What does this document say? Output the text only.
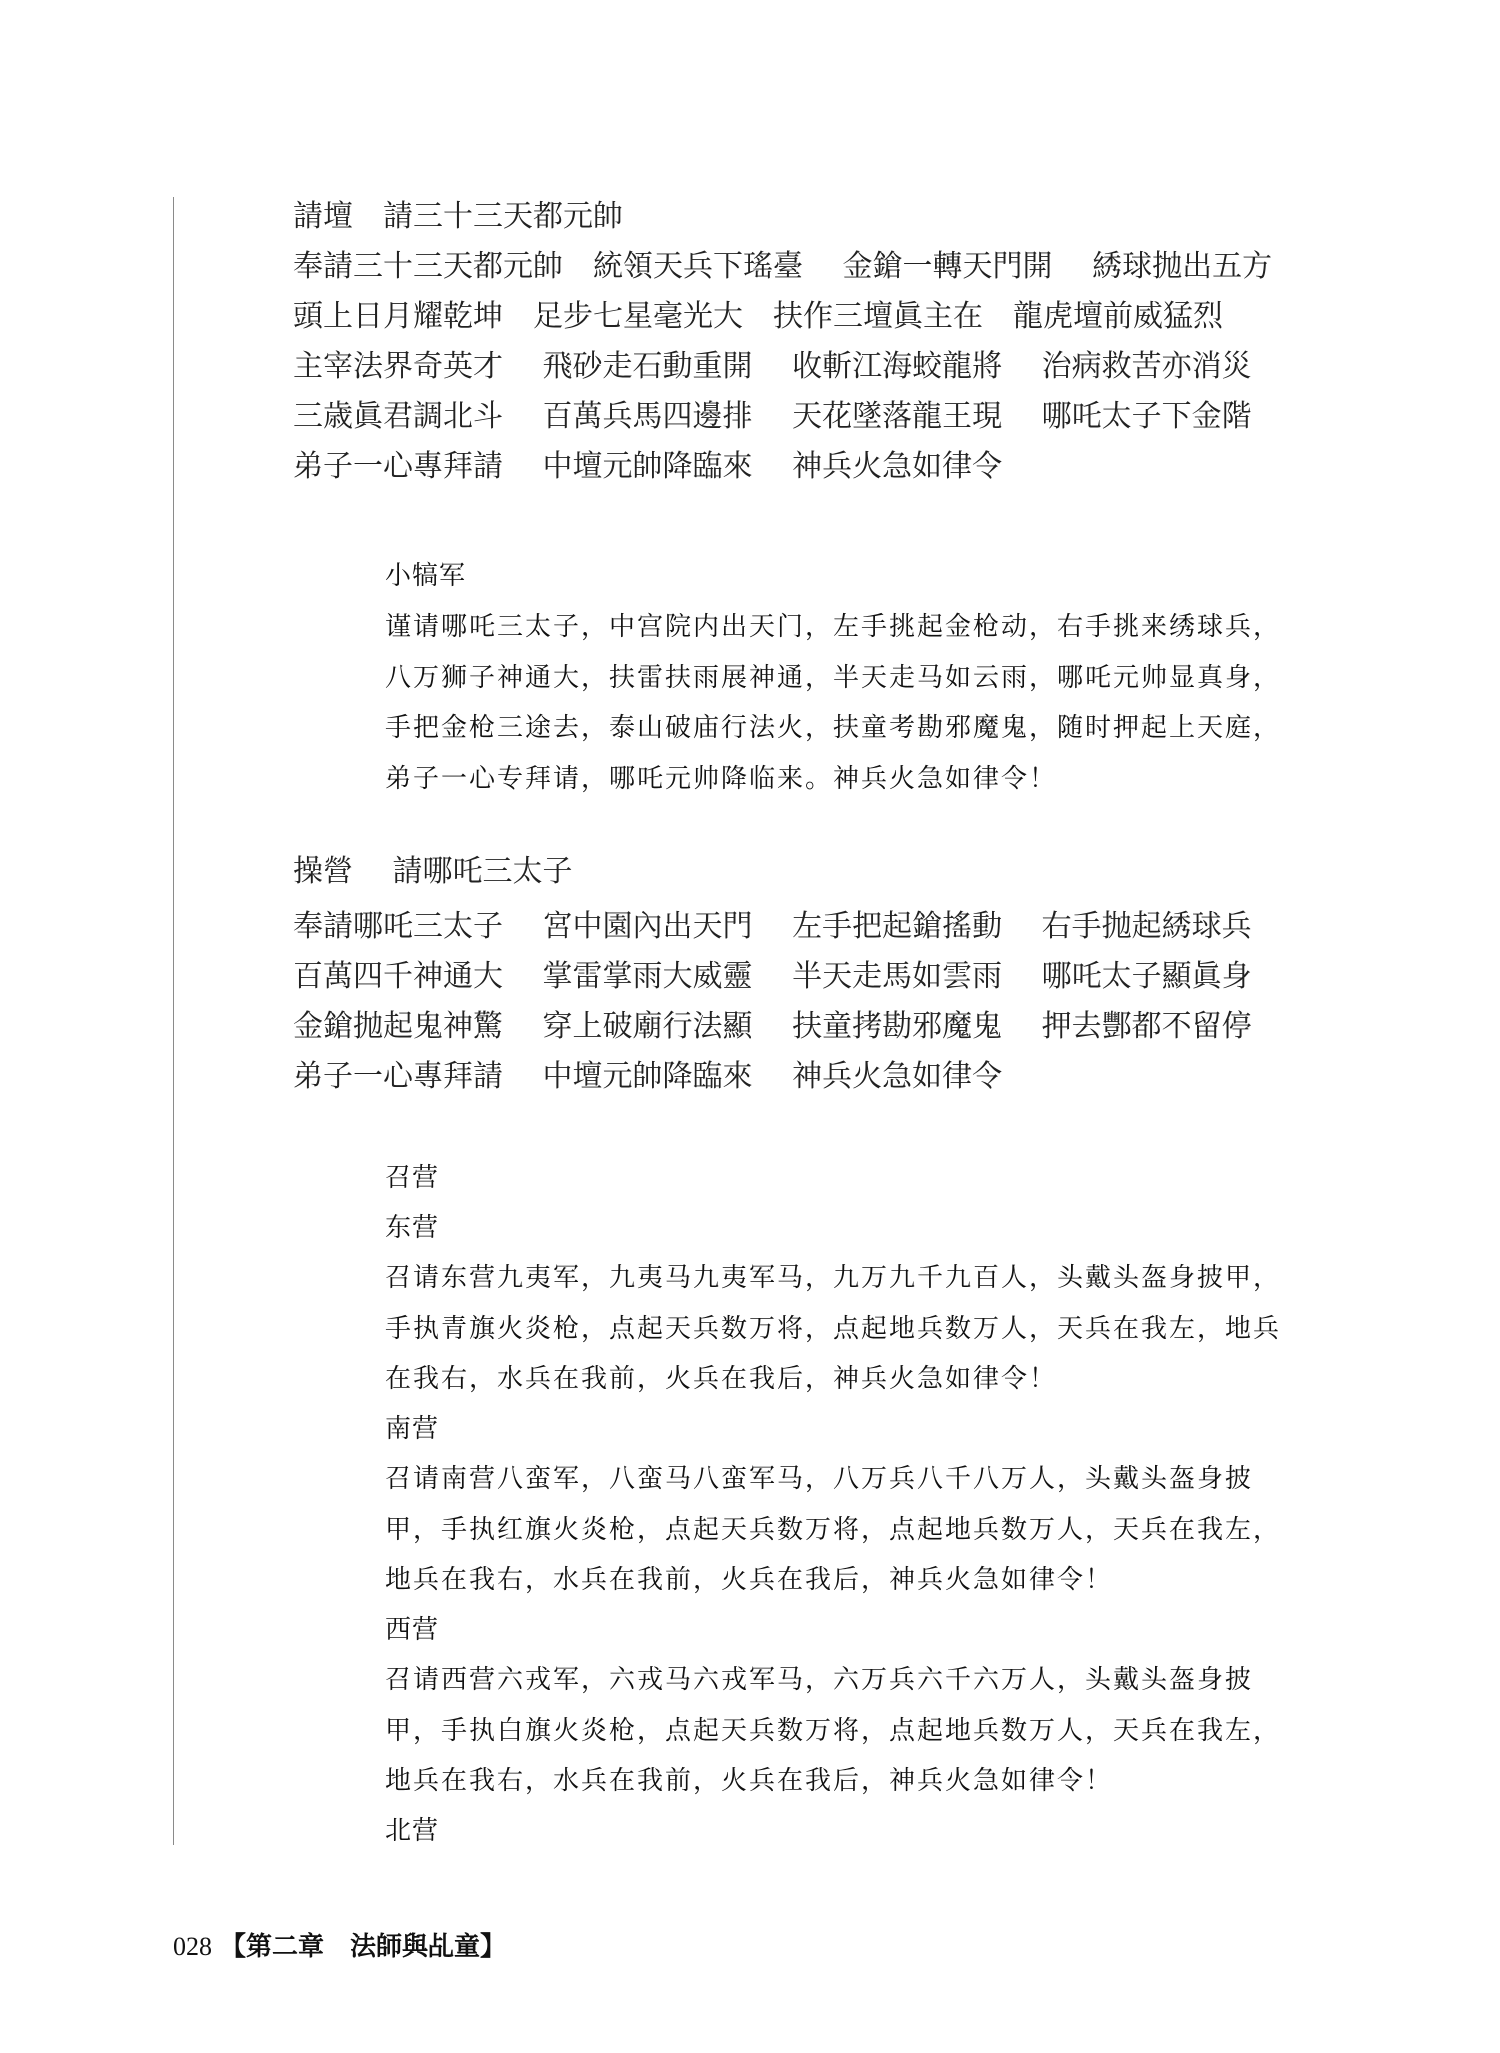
請壇　請三十三天都元帥
奉請三十三天都元帥　統領天兵下瑤臺　 金鎗一轉天門開　 綉球抛出五方
頭上日月耀乾坤　足步七星毫光大　扶作三壇眞主在　龍虎壇前威猛烈
主宰法界奇英才　 飛砂走石動重開　 收斬江海蛟龍將　 治病救苦亦消災
三歳眞君調北斗　 百萬兵馬四邊排　 天花墜落龍王現　 哪吒太子下金階
弟子一心專拜請　 中壇元帥降臨來　 神兵火急如律令
小犒军
谨请哪吒三太子，中宫院内出天门，左手挑起金枪动，右手挑来绣球兵，
八万狮子神通大，扶雷扶雨展神通，半天走马如云雨，哪吒元帅显真身，
手把金枪三途去，泰山破庙行法火，扶童考勘邪魔鬼，随时押起上天庭，
弟子一心专拜请，哪吒元帅降临来。神兵火急如律令！
操營　 請哪吒三太子
奉請哪吒三太子　 宮中園內出天門　 左手把起鎗搖動　 右手抛起綉球兵
百萬四千神通大　 掌雷掌雨大威靈　 半天走馬如雲雨　 哪吒太子顯眞身
金鎗抛起鬼神驚　 穿上破廟行法顯　 扶童拷勘邪魔鬼　 押去酆都不留停
弟子一心專拜請　 中壇元帥降臨來　 神兵火急如律令
召营
东营
召请东营九夷军，九夷马九夷军马，九万九千九百人，头戴头盔身披甲，
手执青旗火炎枪，点起天兵数万将，点起地兵数万人，天兵在我左，地兵
在我右，水兵在我前，火兵在我后，神兵火急如律令！
南营
召请南营八蛮军，八蛮马八蛮军马，八万兵八千八万人，头戴头盔身披
甲，手执红旗火炎枪，点起天兵数万将，点起地兵数万人，天兵在我左，
地兵在我右，水兵在我前，火兵在我后，神兵火急如律令！
西营
召请西营六戎军，六戎马六戎军马，六万兵六千六万人，头戴头盔身披
甲，手执白旗火炎枪，点起天兵数万将，点起地兵数万人，天兵在我左，
地兵在我右，水兵在我前，火兵在我后，神兵火急如律令！
北营
028 【第二章　法師與乩童】
